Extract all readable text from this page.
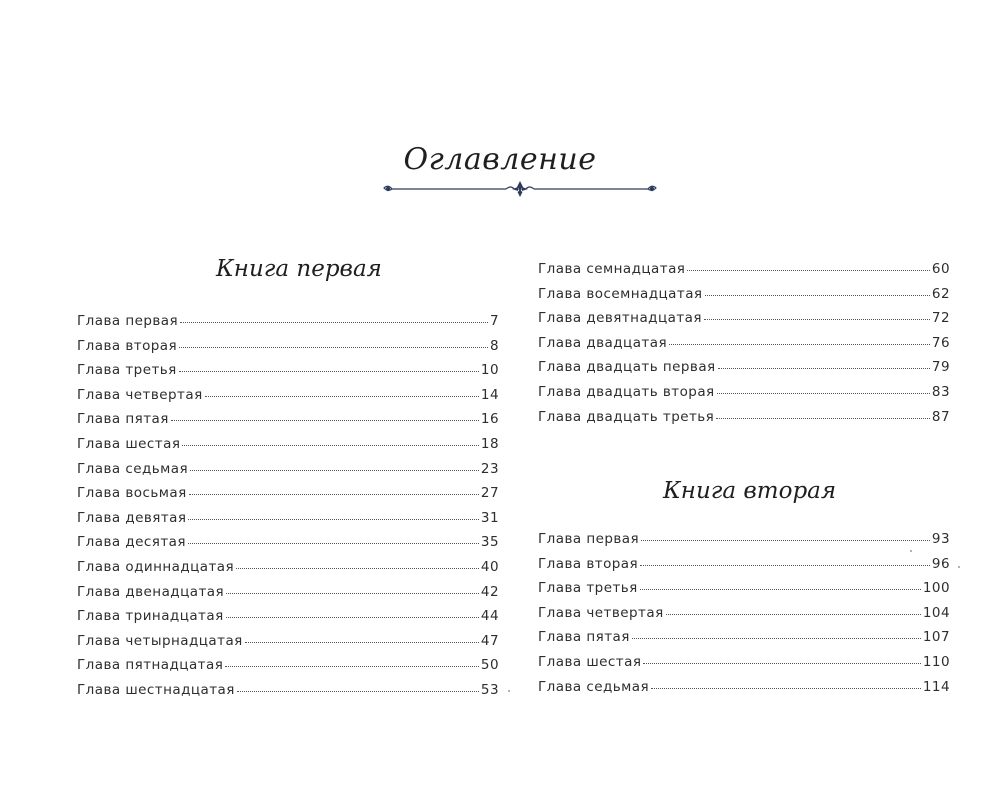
Оглавление
Книга первая
Книга вторая
Глава первая	7
Глава вторая	8
Глава третья	10
Глава четвертая	14
Глава пятая	16
Глава шестая	18
Глава седьмая	23
Глава восьмая	27
Глава девятая	31
Глава десятая	35
Глава одиннадцатая	40
Глава двенадцатая	42
Глава тринадцатая	44
Глава четырнадцатая	47
Глава пятнадцатая	50
Глава шестнадцатая	53
Глава семнадцатая	60
Глава восемнадцатая	62
Глава девятнадцатая	72
Глава двадцатая	76
Глава двадцать первая	79
Глава двадцать вторая	83
Глава двадцать третья	87
Глава первая	93
Глава вторая	96
Глава третья	100
Глава четвертая	104
Глава пятая	107
Глава шестая	110
Глава седьмая	114
